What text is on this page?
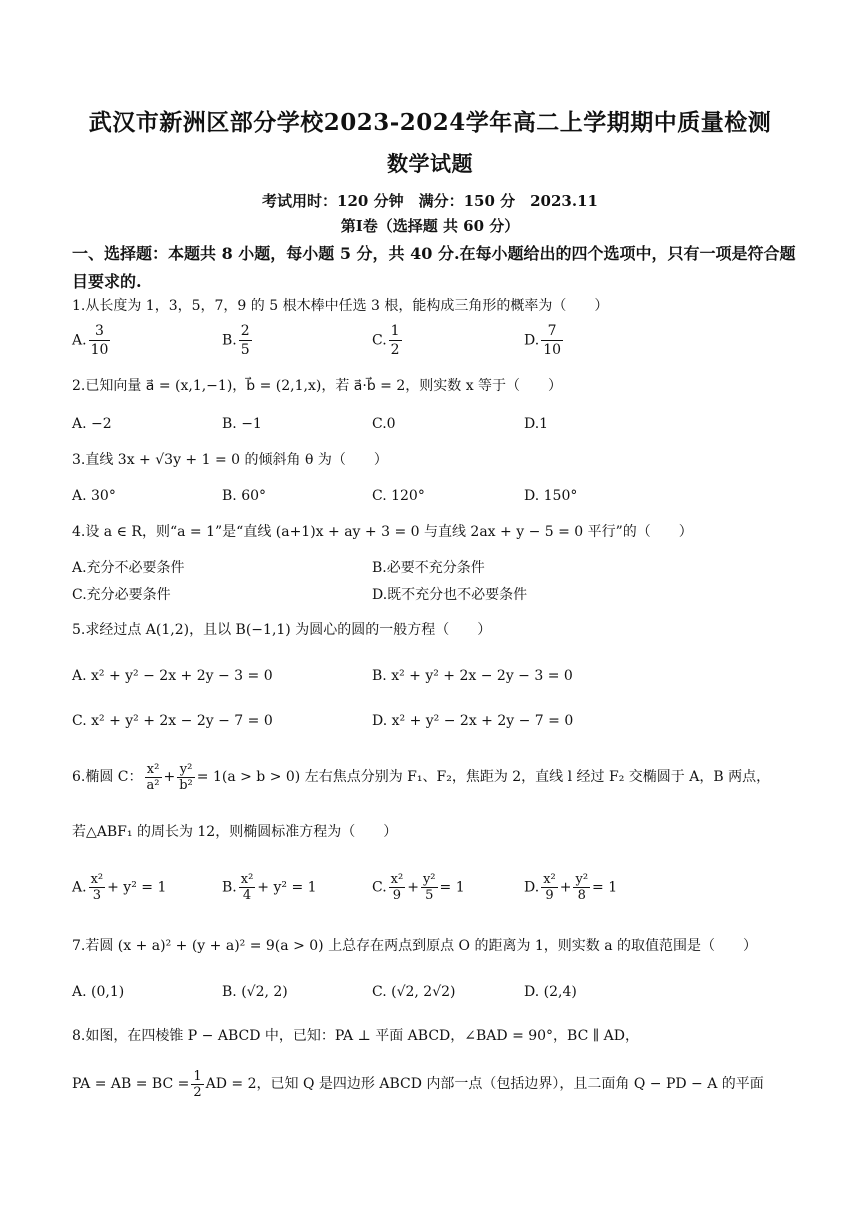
武汉市新洲区部分学校2023-2024学年高二上学期期中质量检测
数学试题
考试用时：120 分钟　满分：150 分　2023.11
第Ⅰ卷（选择题 共 60 分）
一、选择题：本题共 8 小题，每小题 5 分，共 40 分.在每小题给出的四个选项中，只有一项是符合题目要求的.
1.从长度为 1，3，5，7，9 的 5 根木棒中任选 3 根，能构成三角形的概率为（　　）
A. $\frac{3}{10}$	B. $\frac{2}{5}$	C. $\frac{1}{2}$	D. $\frac{7}{10}$
2.已知向量 a⃗ = (x,1,−1)，b⃗ = (2,1,x)，若 a⃗·b⃗ = 2，则实数 x 等于（　　）
A. −2	B. −1	C.0	D.1
3.直线 3x + √3y + 1 = 0 的倾斜角 θ 为（　　）
A. 30°	B. 60°	C. 120°	D. 150°
4.设 a ∈ R，则“a = 1”是“直线 (a+1)x + ay + 3 = 0 与直线 2ax + y − 5 = 0 平行”的（　　）
A.充分不必要条件	B.必要不充分条件
C.充分必要条件	D.既不充分也不必要条件
5.求经过点 A(1,2)，且以 B(−1,1) 为圆心的圆的一般方程（　　）
A. x² + y² − 2x + 2y − 3 = 0	B. x² + y² + 2x − 2y − 3 = 0
C. x² + y² + 2x − 2y − 7 = 0	D. x² + y² − 2x + 2y − 7 = 0
6.椭圆 C： $\frac{\text{x²}}{\text{a²}} + \frac{\text{y²}}{\text{b²}} = 1(a > b > 0)$ 左右焦点分别为 F₁、F₂，焦距为 2，直线 l 经过 F₂ 交椭圆于 A，B 两点，
若△ABF₁ 的周长为 12，则椭圆标准方程为（　　）
A. $\frac{\text{x²}}{3} + y^2 = 1$	B. $\frac{\text{x²}}{4} + y^2 = 1$	C. $\frac{\text{x²}}{9} + \frac{\text{y²}}{5} = 1$	D. $\frac{\text{x²}}{9} + \frac{\text{y²}}{8} = 1$
7.若圆 (x + a)² + (y + a)² = 9(a > 0) 上总存在两点到原点 O 的距离为 1，则实数 a 的取值范围是（　　）
A. (0,1)	B. (√2, 2)	C. (√2, 2√2)	D. (2,4)
8.如图，在四棱锥 P − ABCD 中，已知：PA ⊥ 平面 ABCD，∠BAD = 90°，BC ∥ AD，
PA = AB = BC = $\frac{1}{2}$ AD = 2，已知 Q 是四边形 ABCD 内部一点（包括边界），且二面角 Q − PD − A 的平面
